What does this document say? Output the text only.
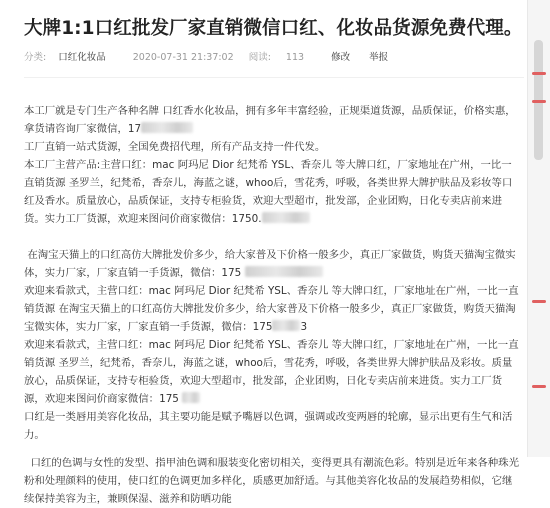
大牌1:1口红批发厂家直销微信口红、化妆品货源免费代理。
分类: 口红化妆品	2020-07-31 21:37:02 阅读: 113	修改 举报

本工厂就是专门生产各种名牌 口红香水化妆品，拥有多年丰富经验，正规渠道货源，品质保证，价格实惠，
拿货请咨询厂家微信，17

工厂直销一站式货源，全国免费招代理，所有产品支持一件代发。

本工厂主营产品:主营口红：mac 阿玛尼 Dior 纪梵希 YSL、香奈儿 等大牌口红，厂家地址在广州，一比一直销货源 圣罗兰，纪梵希，香奈儿，海蓝之谜，whoo后，雪花秀，呼吸，各类世界大牌护肤品及彩妆等口红及香水。质量放心，品质保证，支持专柜验货，欢迎大型超市，批发部，企业团购，日化专卖店前来进货。实力工厂货源，欢迎来图问价商家微信：1750.

在淘宝天猫上的口红高仿大牌批发价多少，给大家普及下价格一般多少，真正厂家做货，购货天猫淘宝微实体，实力厂家，厂家直销一手货源，微信：175

欢迎来看款式，主营口红：mac 阿玛尼 Dior 纪梵希 YSL、香奈儿 等大牌口红，厂家地址在广州，一比一直销货源 在淘宝天猫上的口红高仿大牌批发价多少，给大家普及下价格一般多少，真正厂家做货，购货天猫淘宝微实体，实力厂家，厂家直销一手货源，微信：175	3

欢迎来看款式，主营口红：mac 阿玛尼 Dior 纪梵希 YSL、香奈儿 等大牌口红，厂家地址在广州，一比一直销货源 圣罗兰，纪梵希，香奈儿，海蓝之谜，whoo后，雪花秀，呼吸，各类世界大牌护肤品及彩妆。质量放心，品质保证，支持专柜验货，欢迎大型超市，批发部，企业团购，日化专卖店前来进货。实力工厂货源，欢迎来图问价商家微信：175

口红是一类唇用美容化妆品，其主要功能是赋予嘴唇以色调，强调或改变两唇的轮廓，显示出更有生气和活力。

口红的色调与女性的发型、指甲油色调和服装变化密切相关，变得更具有潮流色彩。特别是近年来各种珠光粉和处理颜料的使用，使口红的色调更加多样化，质感更加舒适。与其他美容化妆品的发展趋势相似，它继续保持美容为主，兼顾保湿、滋养和防晒功能
